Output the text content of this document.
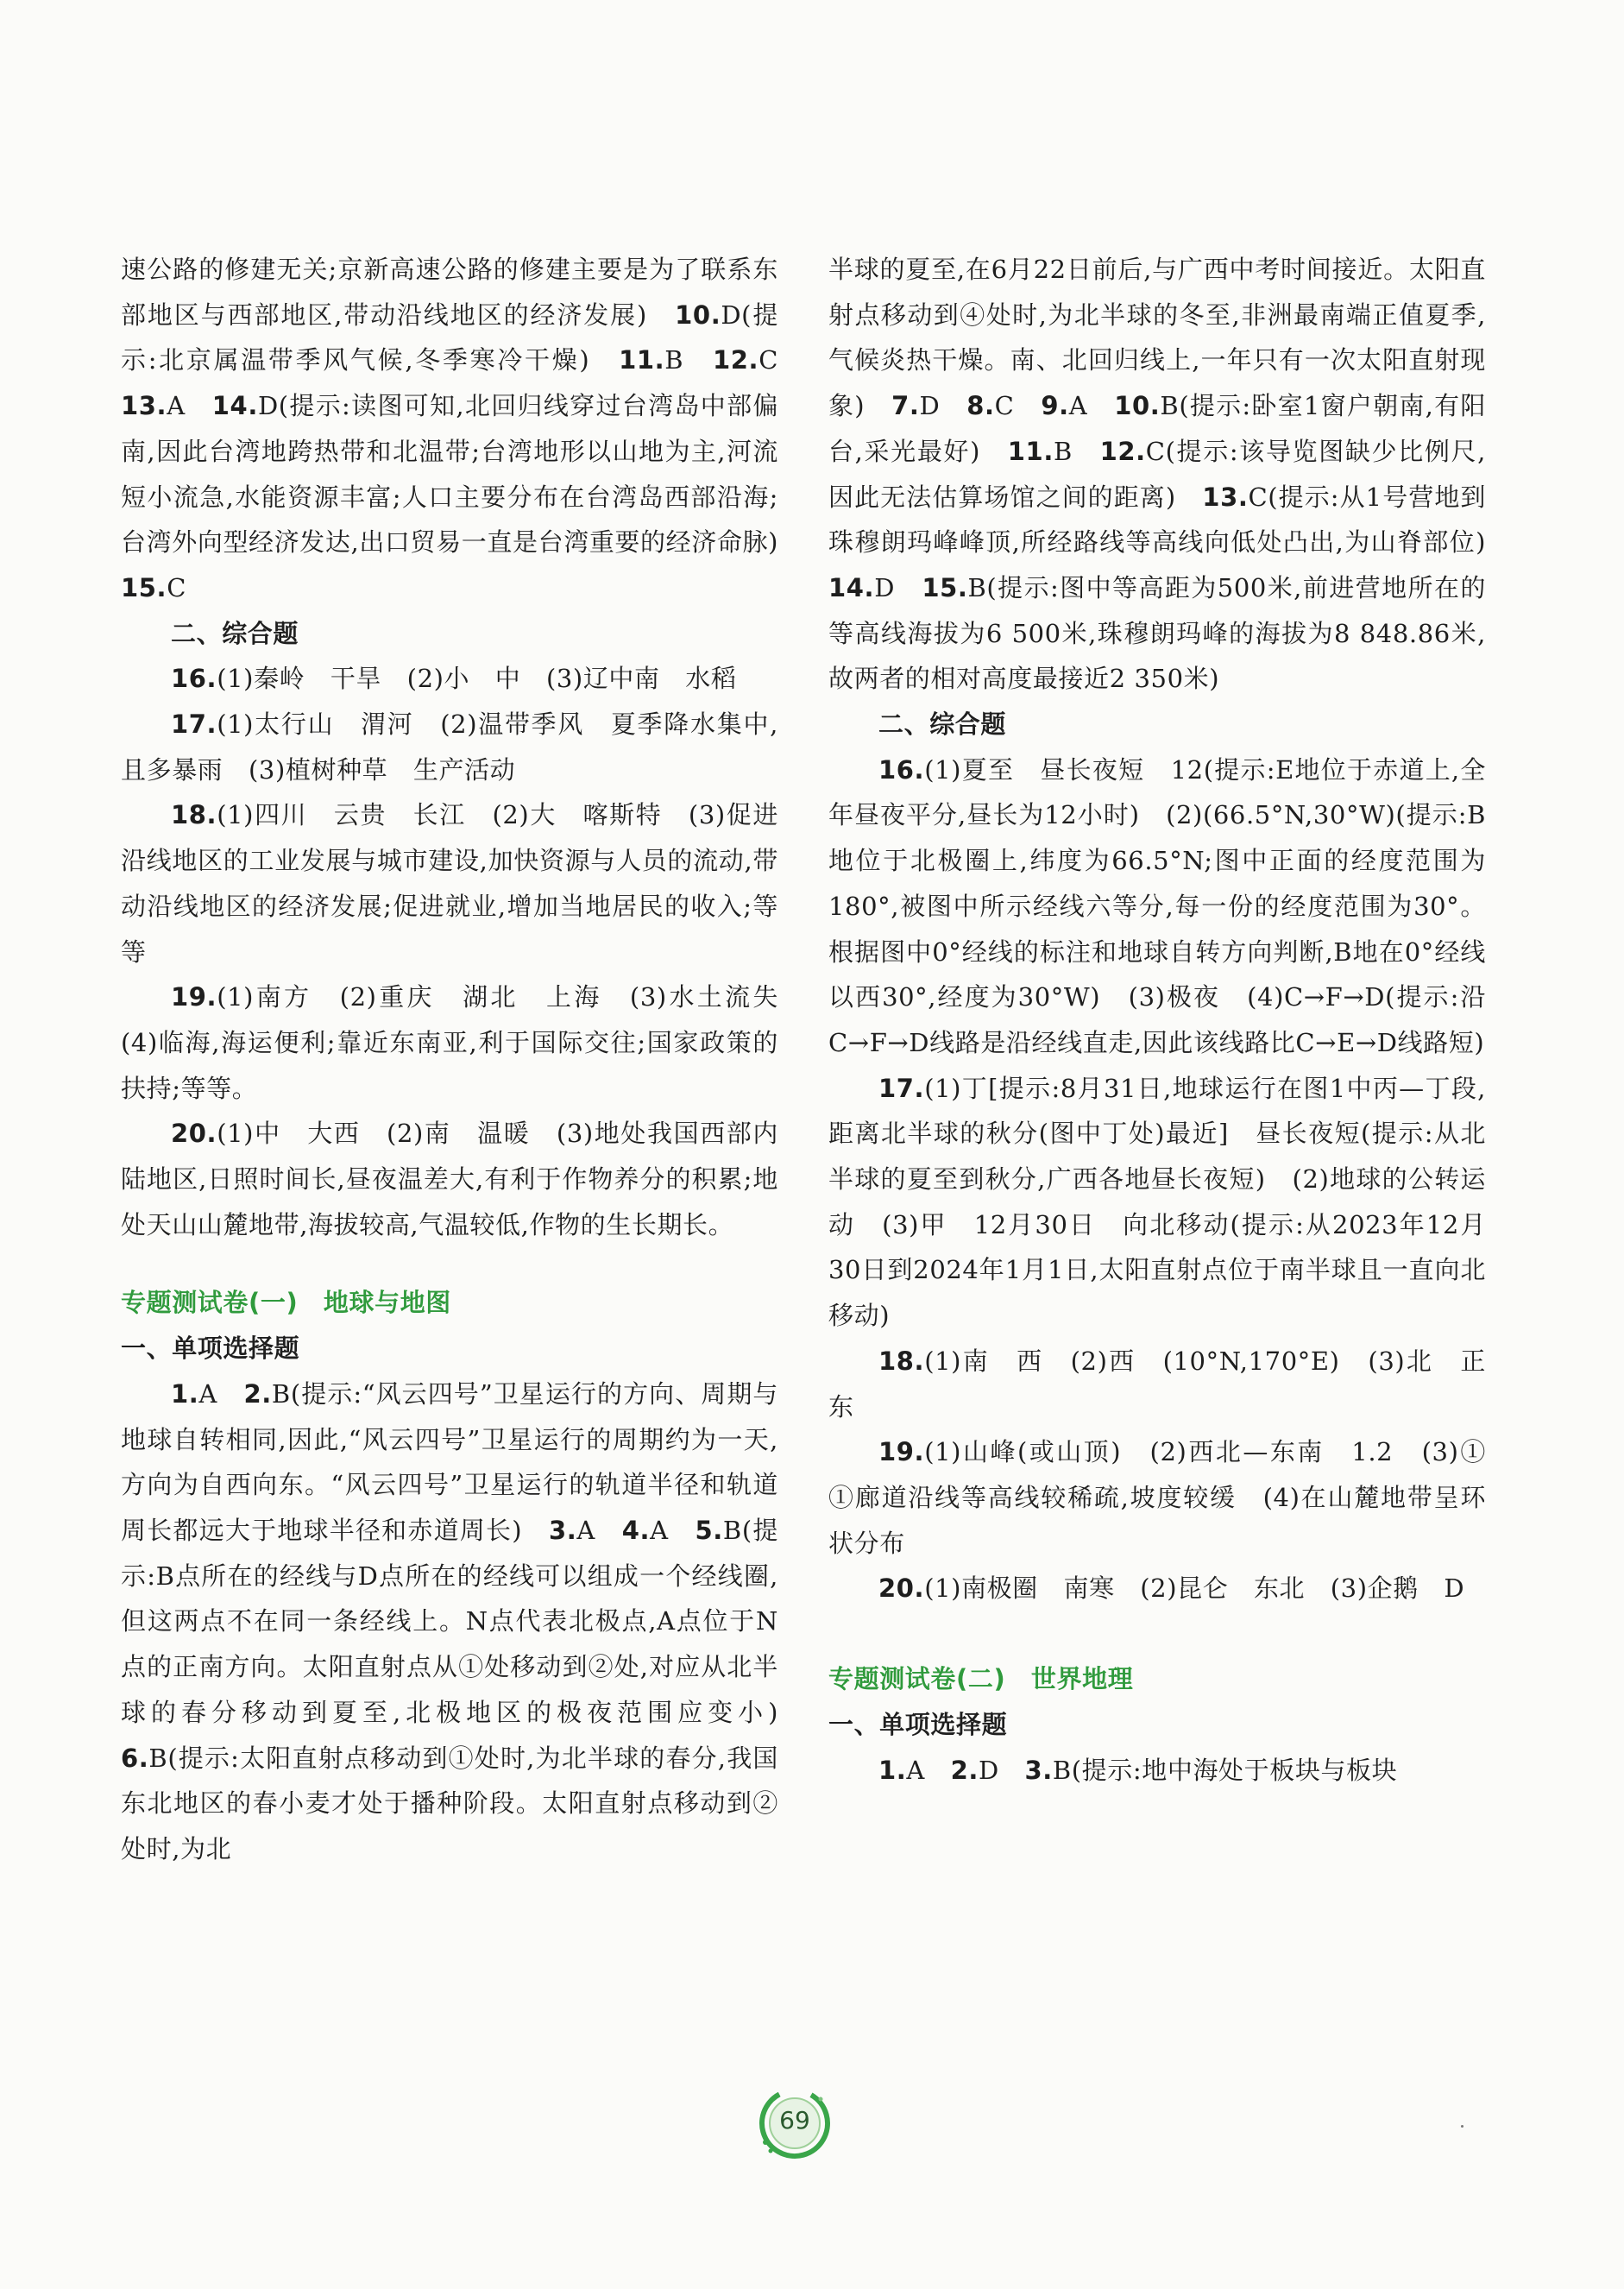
速公路的修建无关;京新高速公路的修建主要是为了联系东部地区与西部地区,带动沿线地区的经济发展)　 10.D(提示:北京属温带季风气候,冬季寒冷干燥)　 11.B　 12.C　13.A　 14.D(提示:读图可知,北回归线穿过台湾岛中部偏南,因此台湾地跨热带和北温带;台湾地形以山地为主,河流短小流急,水能资源丰富;人口主要分布在台湾岛西部沿海;台湾外向型经济发达,出口贸易一直是台湾重要的经济命脉)　15.C

二、综合题

16.(1)秦岭　干旱　(2)小　中　(3)辽中南　水稻

17.(1)太行山　渭河　(2)温带季风　夏季降水集中,且多暴雨　(3)植树种草　生产活动

18.(1)四川　云贵　长江　(2)大　喀斯特　(3)促进沿线地区的工业发展与城市建设,加快资源与人员的流动,带动沿线地区的经济发展;促进就业,增加当地居民的收入;等等

19.(1)南方　(2)重庆　湖北　上海　(3)水土流失　(4)临海,海运便利;靠近东南亚,利于国际交往;国家政策的扶持;等等。

20.(1)中　大西　(2)南　温暖　(3)地处我国西部内陆地区,日照时间长,昼夜温差大,有利于作物养分的积累;地处天山山麓地带,海拔较高,气温较低,作物的生长期长。

专题测试卷(一)　地球与地图

一、单项选择题

1.A　 2.B(提示:“风云四号”卫星运行的方向、周期与地球自转相同,因此,“风云四号”卫星运行的周期约为一天,方向为自西向东。“风云四号”卫星运行的轨道半径和轨道周长都远大于地球半径和赤道周长)　 3.A　 4.A　 5.B(提示:B点所在的经线与D点所在的经线可以组成一个经线圈,但这两点不在同一条经线上。N点代表北极点,A点位于N点的正南方向。太阳直射点从①处移动到②处,对应从北半球的春分移动到夏至,北极地区的极夜范围应变小)　6.B(提示:太阳直射点移动到①处时,为北半球的春分,我国东北地区的春小麦才处于播种阶段。太阳直射点移动到②处时,为北

半球的夏至,在6月22日前后,与广西中考时间接近。太阳直射点移动到④处时,为北半球的冬至,非洲最南端正值夏季,气候炎热干燥。南、北回归线上,一年只有一次太阳直射现象)　 7.D　 8.C　 9.A　 10.B(提示:卧室1窗户朝南,有阳台,采光最好)　 11.B　 12.C(提示:该导览图缺少比例尺,因此无法估算场馆之间的距离)　 13.C(提示:从1号营地到珠穆朗玛峰峰顶,所经路线等高线向低处凸出,为山脊部位)　14.D　 15.B(提示:图中等高距为500米,前进营地所在的等高线海拔为6 500米,珠穆朗玛峰的海拔为8 848.86米,故两者的相对高度最接近2 350米)

二、综合题

16.(1)夏至　昼长夜短　12(提示:E地位于赤道上,全年昼夜平分,昼长为12小时)　(2)(66.5°N,30°W)(提示:B地位于北极圈上,纬度为66.5°N;图中正面的经度范围为180°,被图中所示经线六等分,每一份的经度范围为30°。根据图中0°经线的标注和地球自转方向判断,B地在0°经线以西30°,经度为30°W)　(3)极夜　(4)C→F→D(提示:沿C→F→D线路是沿经线直走,因此该线路比C→E→D线路短)

17.(1)丁[提示:8月31日,地球运行在图1中丙—丁段,距离北半球的秋分(图中丁处)最近]　昼长夜短(提示:从北半球的夏至到秋分,广西各地昼长夜短)　(2)地球的公转运动　(3)甲　12月30日　向北移动(提示:从2023年12月30日到2024年1月1日,太阳直射点位于南半球且一直向北移动)

18.(1)南　西　(2)西　(10°N,170°E)　(3)北　正东

19.(1)山峰(或山顶)　(2)西北—东南　1.2　(3)①　①廊道沿线等高线较稀疏,坡度较缓　(4)在山麓地带呈环状分布

20.(1)南极圈　南寒　(2)昆仑　东北　(3)企鹅　D

专题测试卷(二)　世界地理

一、单项选择题

1.A　 2.D　 3.B(提示:地中海处于板块与板块

69
